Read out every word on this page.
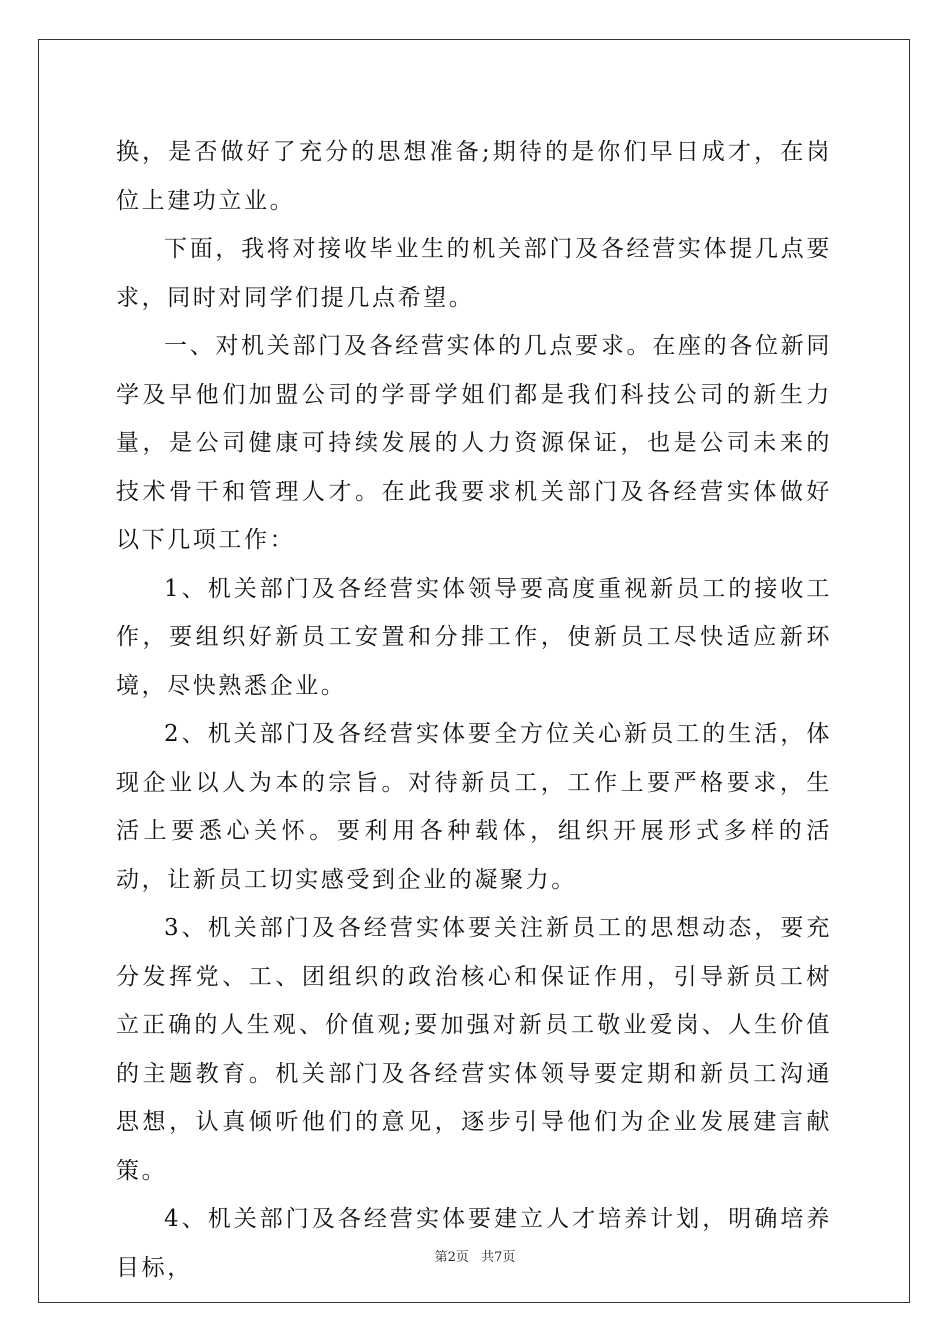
换，是否做好了充分的思想准备;期待的是你们早日成才，在岗位上建功立业。

下面，我将对接收毕业生的机关部门及各经营实体提几点要求，同时对同学们提几点希望。

一、对机关部门及各经营实体的几点要求。在座的各位新同学及早他们加盟公司的学哥学姐们都是我们科技公司的新生力量，是公司健康可持续发展的人力资源保证，也是公司未来的技术骨干和管理人才。在此我要求机关部门及各经营实体做好以下几项工作：

1、机关部门及各经营实体领导要高度重视新员工的接收工作，要组织好新员工安置和分排工作，使新员工尽快适应新环境，尽快熟悉企业。

2、机关部门及各经营实体要全方位关心新员工的生活，体现企业以人为本的宗旨。对待新员工，工作上要严格要求，生活上要悉心关怀。要利用各种载体，组织开展形式多样的活动，让新员工切实感受到企业的凝聚力。

3、机关部门及各经营实体要关注新员工的思想动态，要充分发挥党、工、团组织的政治核心和保证作用，引导新员工树立正确的人生观、价值观;要加强对新员工敬业爱岗、人生价值的主题教育。机关部门及各经营实体领导要定期和新员工沟通思想，认真倾听他们的意见，逐步引导他们为企业发展建言献策。

4、机关部门及各经营实体要建立人才培养计划，明确培养目标，	第2页 共7页
